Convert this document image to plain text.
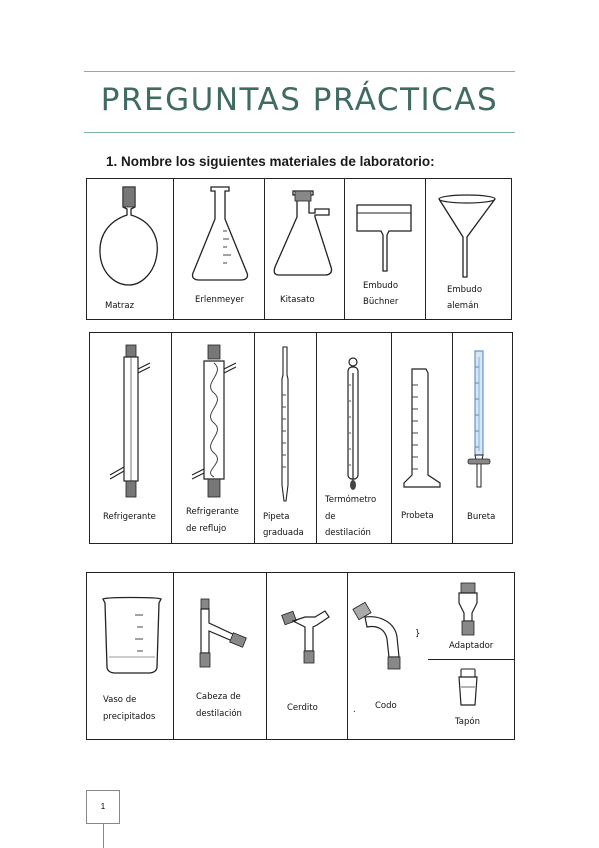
PREGUNTAS PRÁCTICAS
1. Nombre los siguientes materiales de laboratorio:
Matraz
Erlenmeyer	Kitasato
Embudo
Büchner
Embudo
alemán
Refrigerante	Refrigerante
de reflujo
Pipeta
graduada
Termómetro
de
destilación
Probeta	Bureta
Vaso de
precipitados
Cabeza de
destilación
Cerdito	. Codo
}
Adaptador
Tapón
1
